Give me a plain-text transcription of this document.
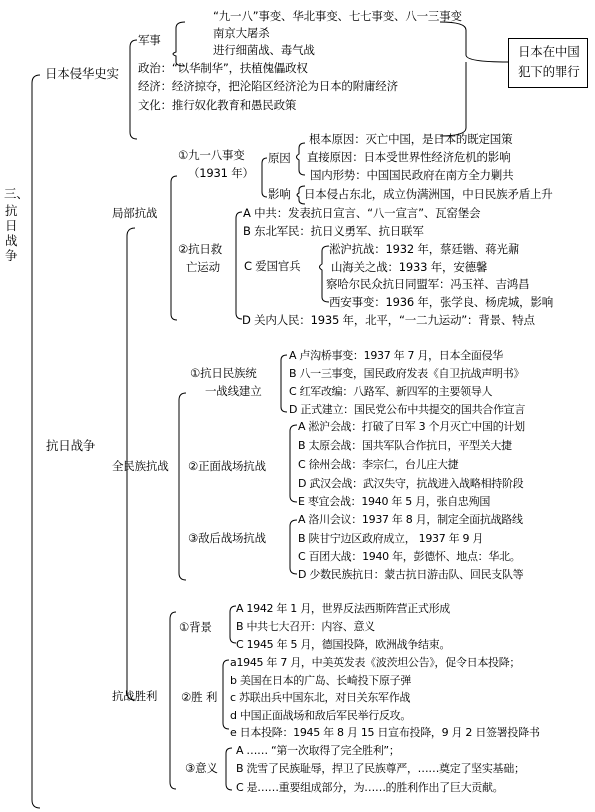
三、
抗日战争
日本侵华史实
军事
“九一八”事变、华北事变、七七事变、八一三事变
南京大屠杀
进行细菌战、毒气战
政治：“以华制华”，扶植傀儡政权
经济：经济掠夺，把沦陷区经济沦为日本的附庸经济
文化：推行奴化教育和愚民政策
日本在中国
犯下的罪行
抗日战争
局部抗战
①九一八事变
（1931 年）
原因
根本原因：灭亡中国，是日本的既定国策
直接原因：日本受世界性经济危机的影响
国内形势：中国国民政府在南方全力剿共
影响 日本侵占东北，成立伪满洲国，中日民族矛盾上升
②抗日救
亡运动
A 中共：发表抗日宣言、“八一宣言”、瓦窑堡会
B 东北军民：抗日义勇军、抗日联军
C 爱国官兵
淞沪抗战：1932 年，蔡廷锴、蒋光鼐
山海关之战：1933 年，安德馨
察哈尔民众抗日同盟军：冯玉祥、吉鸿昌
西安事变：1936 年，张学良、杨虎城，影响
D 关内人民：1935 年，北平，“一二九运动”：背景、特点
全民族抗战
①抗日民族统
一战线建立
A 卢沟桥事变：1937 年 7 月，日本全面侵华
B 八一三事变，国民政府发表《自卫抗战声明书》
C 红军改编：八路军、新四军的主要领导人
D 正式建立：国民党公布中共提交的国共合作宣言
②正面战场抗战
A 淞沪会战：打破了日军 3 个月灭亡中国的计划
B 太原会战：国共军队合作抗日，平型关大捷
C 徐州会战：李宗仁，台儿庄大捷
D 武汉会战：武汉失守，抗战进入战略相持阶段
E 枣宜会战：1940 年 5 月，张自忠殉国
③敌后战场抗战
A 洛川会议：1937 年 8 月，制定全面抗战路线
B 陕甘宁边区政府成立， 1937 年 9 月
C 百团大战：1940 年，彭德怀、地点：华北。
D 少数民族抗日：蒙古抗日游击队、回民支队等
抗战胜利
①背景
A 1942 年 1 月，世界反法西斯阵营正式形成
B 中共七大召开：内容、意义
C 1945 年 5 月，德国投降，欧洲战争结束。
②胜 利
a1945 年 7 月，中美英发表《波茨坦公告》，促令日本投降；
b 美国在日本的广岛、长崎投下原子弹
c 苏联出兵中国东北，对日关东军作战
d 中国正面战场和敌后军民举行反攻。
e 日本投降：1945 年 8 月 15 日宣布投降，9 月 2 日签署投降书
③意义
A …… “第一次取得了完全胜利”；
B 洗雪了民族耻辱，捍卫了民族尊严，……奠定了坚实基础；
C 是……重要组成部分，为……的胜利作出了巨大贡献。
